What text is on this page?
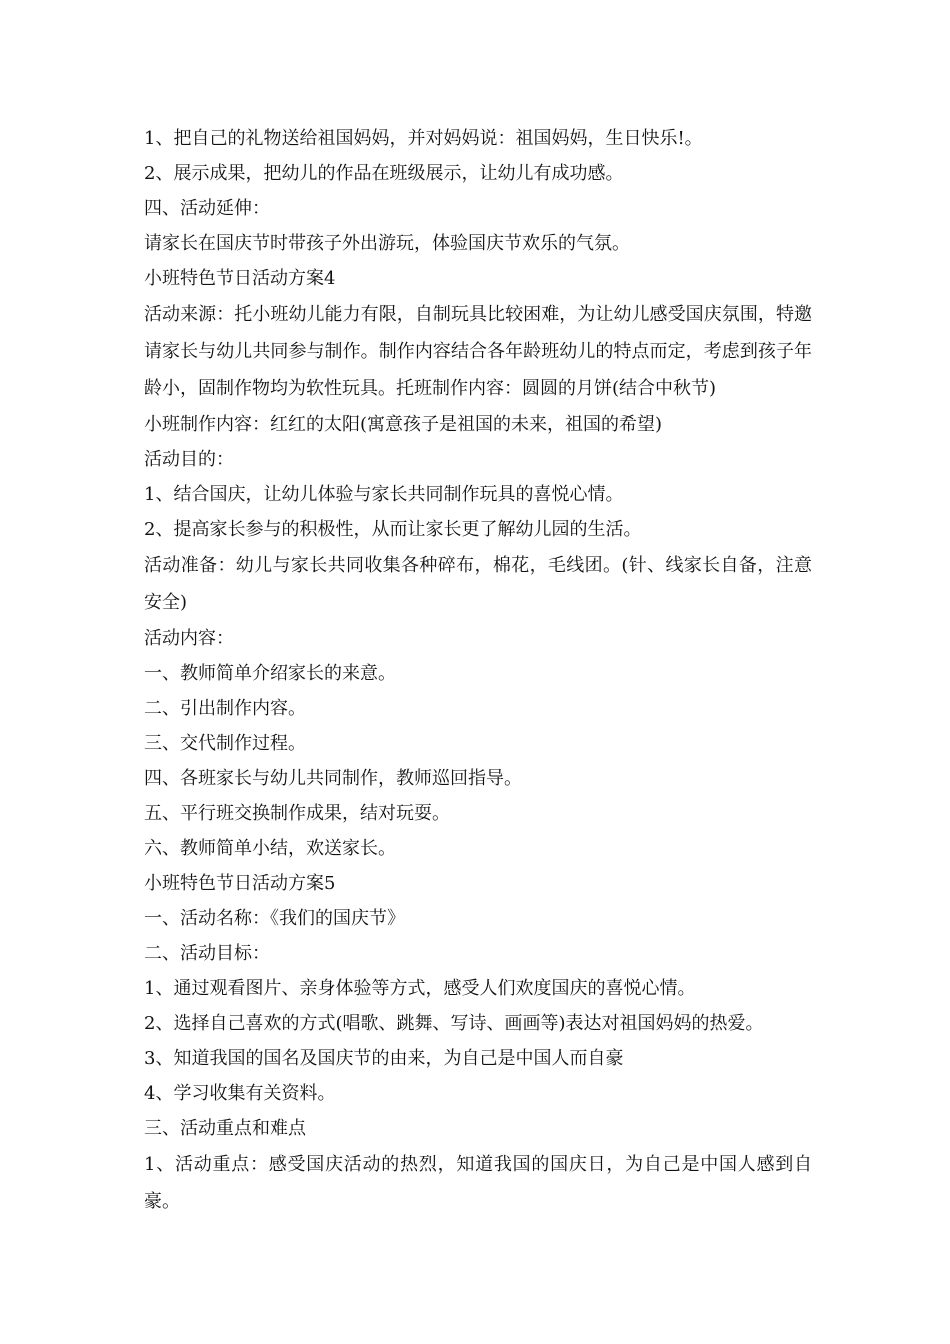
1、把自己的礼物送给祖国妈妈，并对妈妈说：祖国妈妈，生日快乐!。
2、展示成果，把幼儿的作品在班级展示，让幼儿有成功感。
四、活动延伸：
请家长在国庆节时带孩子外出游玩，体验国庆节欢乐的气氛。
小班特色节日活动方案4

活动来源：托小班幼儿能力有限，自制玩具比较困难，为让幼儿感受国庆氛围，特邀请家长与幼儿共同参与制作。制作内容结合各年龄班幼儿的特点而定，考虑到孩子年龄小，固制作物均为软性玩具。托班制作内容：圆圆的月饼(结合中秋节)

小班制作内容：红红的太阳(寓意孩子是祖国的未来，祖国的希望)
活动目的：
1、结合国庆，让幼儿体验与家长共同制作玩具的喜悦心情。
2、提高家长参与的积极性，从而让家长更了解幼儿园的生活。

活动准备：幼儿与家长共同收集各种碎布，棉花，毛线团。(针、线家长自备，注意安全)

活动内容：
一、教师简单介绍家长的来意。
二、引出制作内容。
三、交代制作过程。
四、各班家长与幼儿共同制作，教师巡回指导。
五、平行班交换制作成果，结对玩耍。
六、教师简单小结，欢送家长。
小班特色节日活动方案5
一、活动名称：《我们的国庆节》
二、活动目标：
1、通过观看图片、亲身体验等方式，感受人们欢度国庆的喜悦心情。
2、选择自己喜欢的方式(唱歌、跳舞、写诗、画画等)表达对祖国妈妈的热爱。
3、知道我国的国名及国庆节的由来，为自己是中国人而自豪
4、学习收集有关资料。
三、活动重点和难点

1、活动重点：感受国庆活动的热烈，知道我国的国庆日，为自己是中国人感到自豪。
